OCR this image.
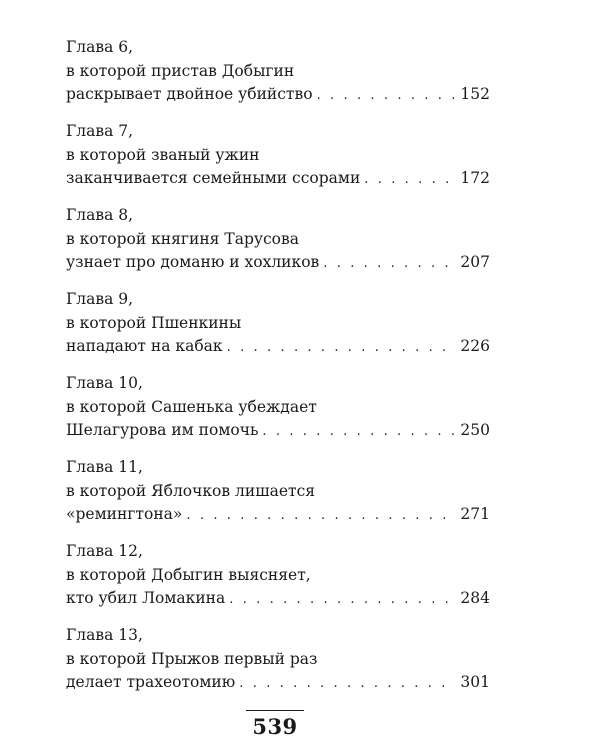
Глава 6,
в которой пристав Добыгин
раскрывает двойное убийство . . .	152
Глава 7,
в которой званый ужин
заканчивается семейными ссорами . . .	172
Глава 8,
в которой княгиня Тарусова
узнает про доманю и хохликов . . .	207
Глава 9,
в которой Пшенкины
нападают на кабак . . .	226
Глава 10,
в которой Сашенька убеждает
Шелагурова им помочь . . .	250
Глава 11,
в которой Яблочков лишается
«ремингтона» . . .	271
Глава 12,
в которой Добыгин выясняет,
кто убил Ломакина . . .	284
Глава 13,
в которой Прыжов первый раз
делает трахеотомию . . .	301
539
